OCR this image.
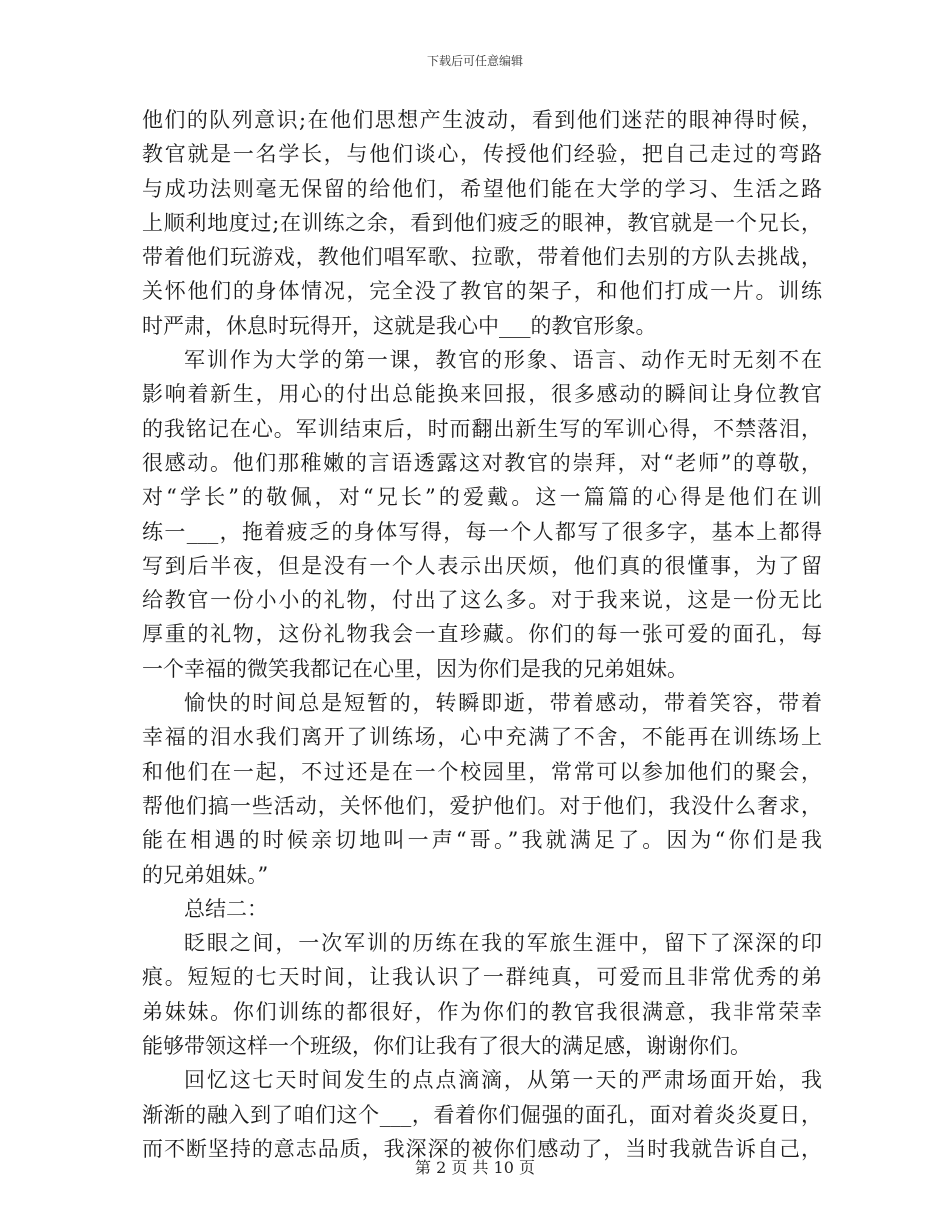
下载后可任意编辑
他们的队列意识;在他们思想产生波动，看到他们迷茫的眼神得时候，
教官就是一名学长，与他们谈心，传授他们经验，把自己走过的弯路
与成功法则毫无保留的给他们，希望他们能在大学的学习、生活之路
上顺利地度过;在训练之余，看到他们疲乏的眼神，教官就是一个兄长，
带着他们玩游戏，教他们唱军歌、拉歌，带着他们去别的方队去挑战，
关怀他们的身体情况，完全没了教官的架子，和他们打成一片。训练
时严肃，休息时玩得开，这就是我心中___的教官形象。
军训作为大学的第一课，教官的形象、语言、动作无时无刻不在
影响着新生，用心的付出总能换来回报，很多感动的瞬间让身位教官
的我铭记在心。军训结束后，时而翻出新生写的军训心得，不禁落泪，
很感动。他们那稚嫩的言语透露这对教官的崇拜，对“老师”的尊敬，
对“学长”的敬佩，对“兄长”的爱戴。这一篇篇的心得是他们在训
练一___，拖着疲乏的身体写得，每一个人都写了很多字，基本上都得
写到后半夜，但是没有一个人表示出厌烦，他们真的很懂事，为了留
给教官一份小小的礼物，付出了这么多。对于我来说，这是一份无比
厚重的礼物，这份礼物我会一直珍藏。你们的每一张可爱的面孔，每
一个幸福的微笑我都记在心里，因为你们是我的兄弟姐妹。
愉快的时间总是短暂的，转瞬即逝，带着感动，带着笑容，带着
幸福的泪水我们离开了训练场，心中充满了不舍，不能再在训练场上
和他们在一起，不过还是在一个校园里，常常可以参加他们的聚会，
帮他们搞一些活动，关怀他们，爱护他们。对于他们，我没什么奢求，
能在相遇的时候亲切地叫一声“哥。”我就满足了。因为“你们是我
的兄弟姐妹。”
总结二：
眨眼之间，一次军训的历练在我的军旅生涯中，留下了深深的印
痕。短短的七天时间，让我认识了一群纯真，可爱而且非常优秀的弟
弟妹妹。你们训练的都很好，作为你们的教官我很满意，我非常荣幸
能够带领这样一个班级，你们让我有了很大的满足感，谢谢你们。
回忆这七天时间发生的点点滴滴，从第一天的严肃场面开始，我
渐渐的融入到了咱们这个___，看着你们倔强的面孔，面对着炎炎夏日，
而不断坚持的意志品质，我深深的被你们感动了，当时我就告诉自己，
第 2 页 共 10 页
